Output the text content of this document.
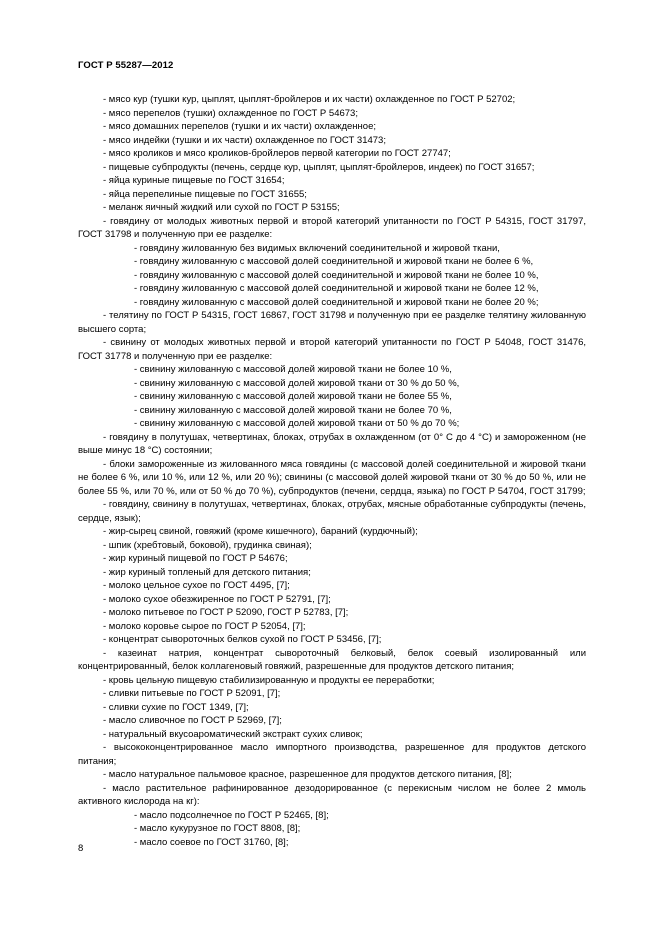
ГОСТ Р 55287—2012

- мясо кур (тушки кур, цыплят, цыплят-бройлеров и их части) охлажденное по ГОСТ Р 52702;

- мясо перепелов (тушки) охлажденное по ГОСТ Р 54673;

- мясо домашних перепелов (тушки и их части) охлажденное;

- мясо индейки (тушки и их части) охлажденное по ГОСТ 31473;

- мясо кроликов и мясо кроликов-бройлеров первой категории по ГОСТ 27747;

- пищевые субпродукты (печень, сердце кур, цыплят, цыплят-бройлеров, индеек) по ГОСТ 31657;

- яйца куриные пищевые по ГОСТ 31654;

- яйца перепелиные пищевые по ГОСТ 31655;

- меланж яичный жидкий или сухой по ГОСТ Р 53155;

- говядину от молодых животных первой и второй категорий упитанности по ГОСТ Р 54315, ГОСТ 31797, ГОСТ 31798 и полученную при ее разделке:

- говядину жилованную без видимых включений соединительной и жировой ткани,

- говядину жилованную с массовой долей соединительной и жировой ткани не более 6 %,

- говядину жилованную с массовой долей соединительной и жировой ткани не более 10 %,

- говядину жилованную с массовой долей соединительной и жировой ткани не более 12 %,

- говядину жилованную с массовой долей соединительной и жировой ткани не более 20 %;

- телятину по ГОСТ Р 54315, ГОСТ 16867, ГОСТ 31798 и полученную при ее разделке телятину жилованную высшего сорта;

- свинину от молодых животных первой и второй категорий упитанности по ГОСТ Р 54048, ГОСТ 31476, ГОСТ 31778 и полученную при ее разделке:

- свинину жилованную с массовой долей жировой ткани не более 10 %,

- свинину жилованную с массовой долей жировой ткани от 30 % до 50 %,

- свинину жилованную с массовой долей жировой ткани не более 55 %,

- свинину жилованную с массовой долей жировой ткани не более 70 %,

- свинину жилованную с массовой долей жировой ткани от 50 % до 70 %;

- говядину в полутушах, четвертинах, блоках, отрубах в охлажденном (от 0° С до 4 °С) и замороженном (не выше минус 18 °С) состоянии;

- блоки замороженные из жилованного мяса говядины (с массовой долей соединительной и жировой ткани не более 6 %, или 10 %, или 12 %, или 20 %); свинины (с массовой долей жировой ткани от 30 % до 50 %, или не более 55 %, или 70 %, или от 50 % до 70 %), субпродуктов (печени, сердца, языка) по ГОСТ Р 54704, ГОСТ 31799;

- говядину, свинину в полутушах, четвертинах, блоках, отрубах, мясные обработанные субпродукты (печень, сердце, язык);

- жир-сырец свиной, говяжий (кроме кишечного), бараний (курдючный);

- шпик (хребтовый, боковой), грудинка свиная);

- жир куриный пищевой по ГОСТ Р 54676;

- жир куриный топленый для детского питания;

- молоко цельное сухое по ГОСТ 4495, [7];

- молоко сухое обезжиренное по ГОСТ Р 52791, [7];

- молоко питьевое по ГОСТ Р 52090, ГОСТ Р 52783, [7];

- молоко коровье сырое по ГОСТ Р 52054, [7];

- концентрат сывороточных белков сухой по ГОСТ Р 53456, [7];

- казеинат натрия, концентрат сывороточный белковый, белок соевый изолированный или концентрированный, белок коллагеновый говяжий, разрешенные для продуктов детского питания;

- кровь цельную пищевую стабилизированную и продукты ее переработки;

- сливки питьевые по ГОСТ Р 52091, [7];

- сливки сухие по ГОСТ 1349, [7];

- масло сливочное по ГОСТ Р 52969, [7];

- натуральный вкусоароматический экстракт сухих сливок;

- высококонцентрированное масло импортного производства, разрешенное для продуктов детского питания;

- масло натуральное пальмовое красное, разрешенное для продуктов детского питания, [8];

- масло растительное рафинированное дезодорированное (с перекисным числом не более 2 ммоль активного кислорода на кг):

- масло подсолнечное по ГОСТ Р 52465, [8];

- масло кукурузное по ГОСТ 8808, [8];

- масло соевое по ГОСТ 31760, [8];

8
